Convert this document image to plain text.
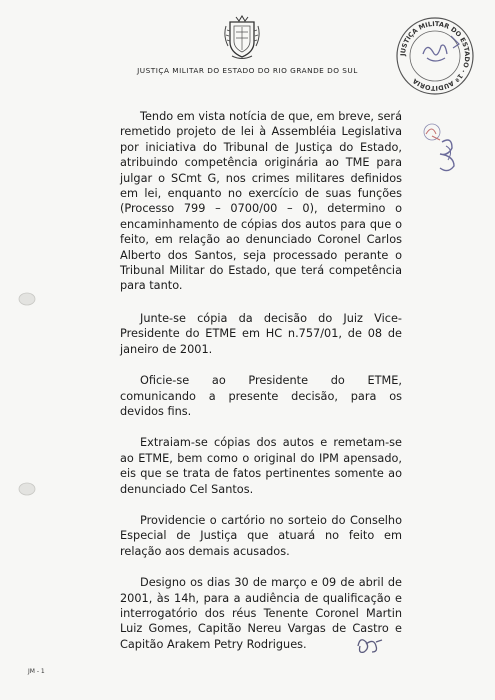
JUSTIÇA MILITAR DO ESTADO DO RIO GRANDE DO SUL
JUSTIÇA MILITAR DO ESTADO · 1ª AUDITORIA

Tendo em vista notícia de que, em breve, será remetido projeto de lei à Assembléia Legislativa por iniciativa do Tribunal de Justiça do Estado, atribuindo competência originária ao TME para julgar o SCmt G, nos crimes militares definidos em lei, enquanto no exercício de suas funções (Processo 799 – 0700/00 – 0), determino o encaminhamento de cópias dos autos para que o feito, em relação ao denunciado Coronel Carlos Alberto dos Santos, seja processado perante o Tribunal Militar do Estado, que terá competência para tanto.

Junte-se cópia da decisão do Juiz Vice-Presidente do ETME em HC n.757/01, de 08 de janeiro de 2001.

Oficie-se ao Presidente do ETME, comunicando a presente decisão, para os devidos fins.

Extraiam-se cópias dos autos e remetam-se ao ETME, bem como o original do IPM apensado, eis que se trata de fatos pertinentes somente ao denunciado Cel Santos.

Providencie o cartório no sorteio do Conselho Especial de Justiça que atuará no feito em relação aos demais acusados.

Designo os dias 30 de março e 09 de abril de 2001, às 14h, para a audiência de qualificação e interrogatório dos réus Tenente Coronel Martin Luiz Gomes, Capitão Nereu Vargas de Castro e Capitão Arakem Petry Rodrigues.

JM - 1
